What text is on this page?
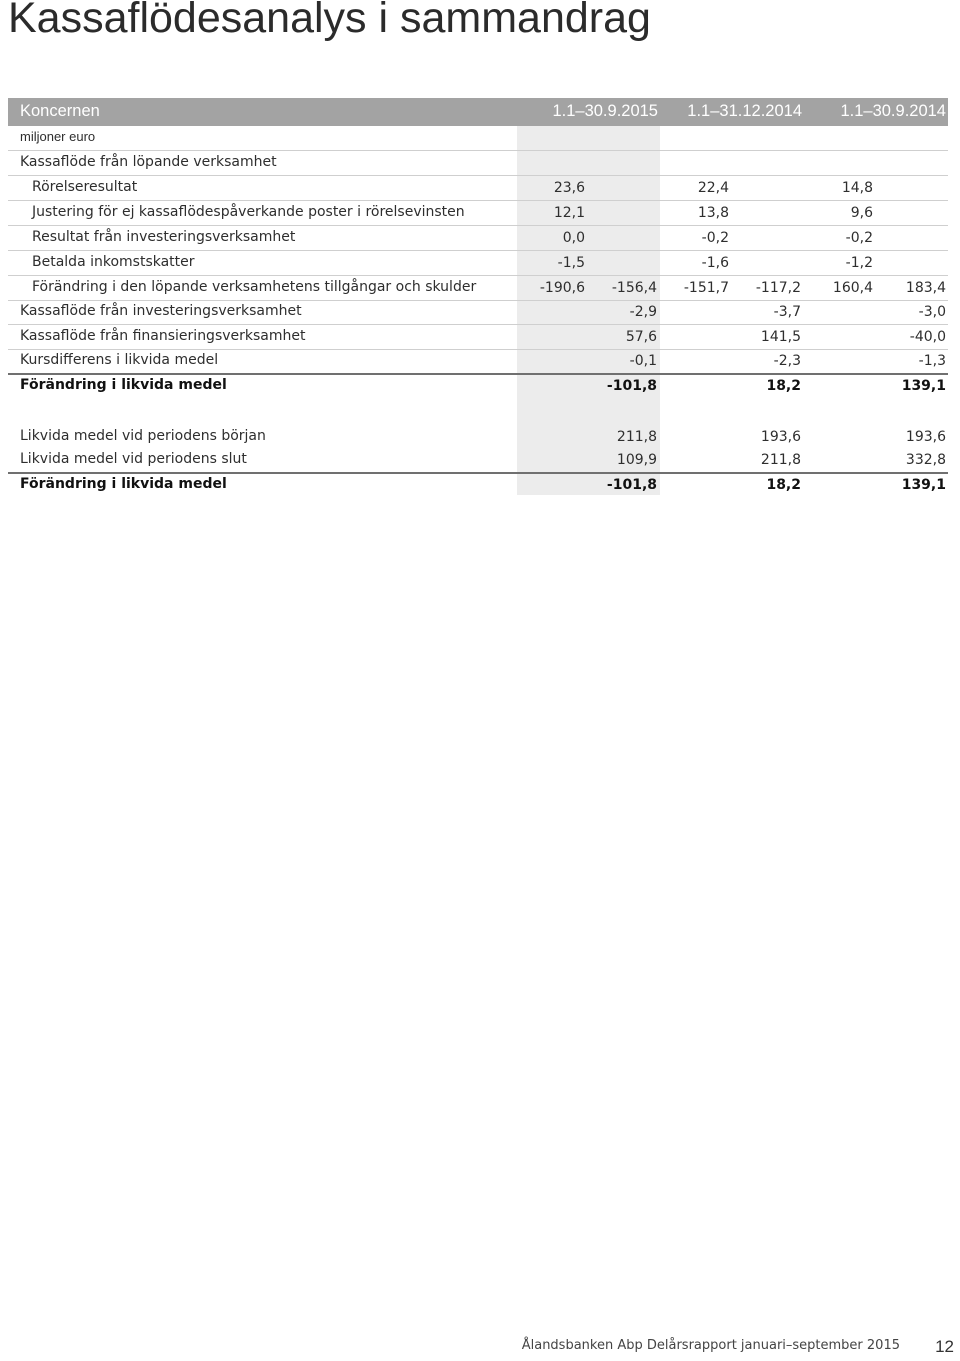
Kassaflödesanalys i sammandrag
Koncernen	1.1–30.9.2015 1.1–31.12.2014 1.1–30.9.2014
miljoner euro
Kassaflöde från löpande verksamhet
Rörelseresultat	23,6	22,4	14,8
Justering för ej kassaflödespåverkande poster i rörelsevinsten	12,1	13,8	9,6
Resultat från investeringsverksamhet	0,0	-0,2	-0,2
Betalda inkomstskatter	-1,5	-1,6	-1,2
Förändring i den löpande verksamhetens tillgångar och skulder	-190,6 -156,4 -151,7 -117,2 160,4 183,4
Kassaflöde från investeringsverksamhet	-2,9	-3,7	-3,0
Kassaflöde från finansieringsverksamhet	57,6	141,5	-40,0
Kursdifferens i likvida medel	-0,1	-2,3	-1,3
Förändring i likvida medel	-101,8	18,2	139,1
Likvida medel vid periodens början	211,8	193,6	193,6
Likvida medel vid periodens slut	109,9	211,8	332,8
Förändring i likvida medel	-101,8	18,2	139,1
Ålandsbanken Abp Delårsrapport januari–september 2015 12
